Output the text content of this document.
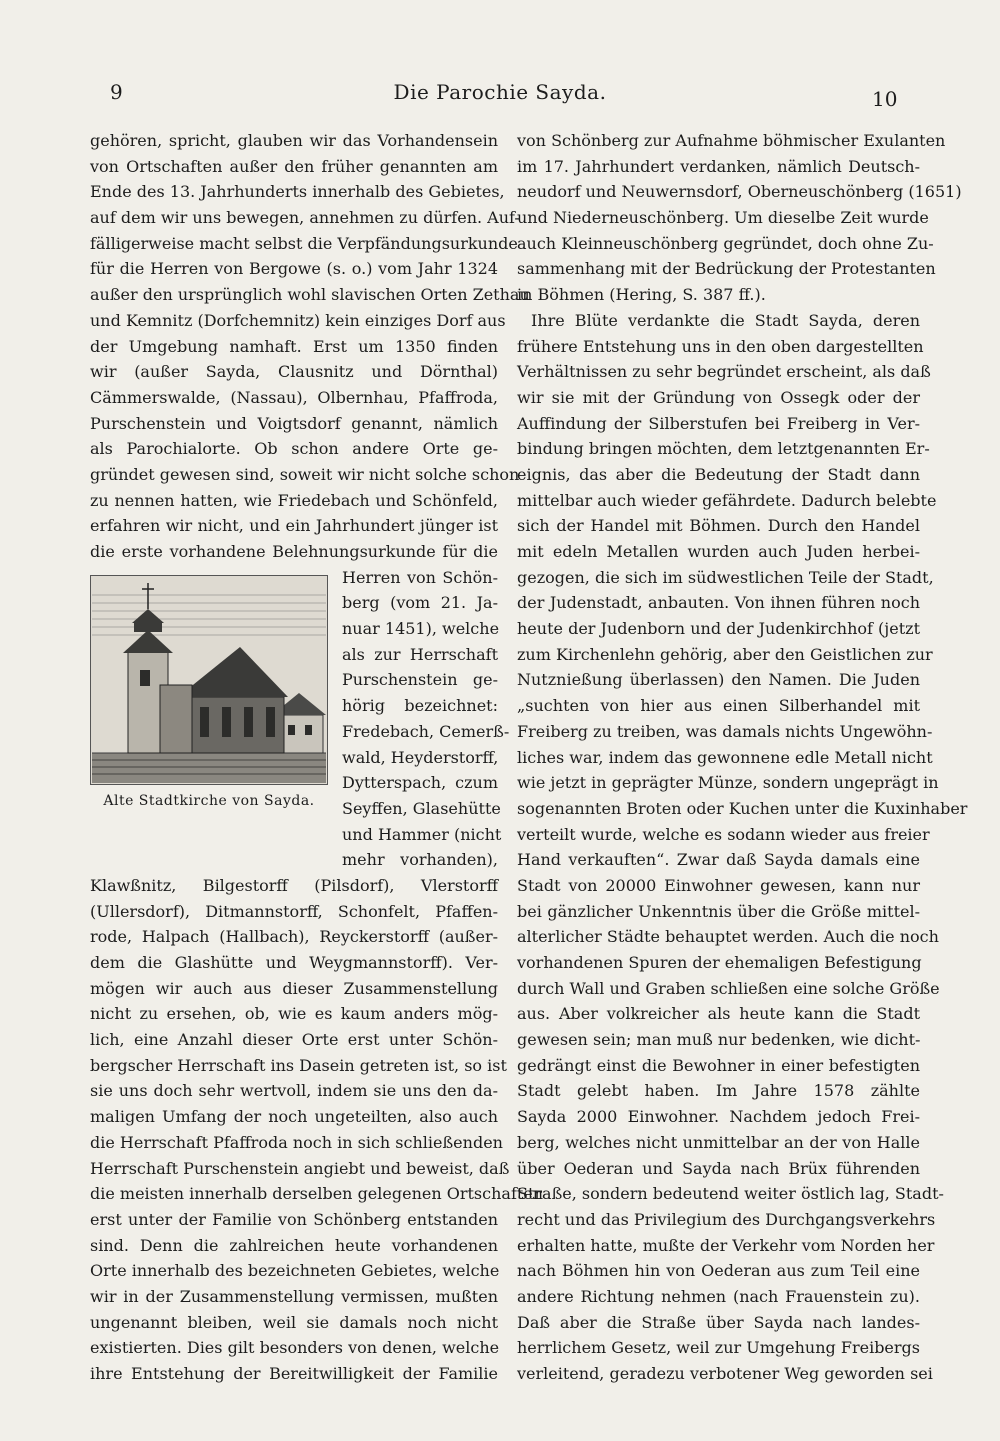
9	Die Parochie Sayda.	10
gehören, spricht, glauben wir das Vorhandensein
von Ortschaften außer den früher genannten am
Ende des 13. Jahrhunderts innerhalb des Gebietes,
auf dem wir uns bewegen, annehmen zu dürfen. Auf-
fälligerweise macht selbst die Verpfändungsurkunde
für die Herren von Bergowe (s. o.) vom Jahr 1324
außer den ursprünglich wohl slavischen Orten Zethau
und Kemnitz (Dorfchemnitz) kein einziges Dorf aus
der Umgebung namhaft. Erst um 1350 finden
wir (außer Sayda, Clausnitz und Dörnthal)
Cämmerswalde, (Nassau), Olbernhau, Pfaffroda,
Purschenstein und Voigtsdorf genannt, nämlich
als Parochialorte. Ob schon andere Orte ge-
gründet gewesen sind, soweit wir nicht solche schon
zu nennen hatten, wie Friedebach und Schönfeld,
erfahren wir nicht, und ein Jahrhundert jünger ist
die erste vorhandene Belehnungsurkunde für die
Herren von Schön-
berg (vom 21. Ja-
nuar 1451), welche
als zur Herrschaft
Purschenstein ge-
hörig bezeichnet:
Fredebach, Cemerß-
wald, Heyderstorff,
Dytterspach, czum
Seyffen, Glasehütte
und Hammer (nicht
mehr vorhanden),
Klawßnitz, Bilgestorff (Pilsdorf), Vlerstorff
(Ullersdorf), Ditmannstorff, Schonfelt, Pfaffen-
rode, Halpach (Hallbach), Reyckerstorff (außer-
dem die Glashütte und Weygmannstorff). Ver-
mögen wir auch aus dieser Zusammenstellung
nicht zu ersehen, ob, wie es kaum anders mög-
lich, eine Anzahl dieser Orte erst unter Schön-
bergscher Herrschaft ins Dasein getreten ist, so ist
sie uns doch sehr wertvoll, indem sie uns den da-
maligen Umfang der noch ungeteilten, also auch
die Herrschaft Pfaffroda noch in sich schließenden
Herrschaft Purschenstein angiebt und beweist, daß
die meisten innerhalb derselben gelegenen Ortschaften
erst unter der Familie von Schönberg entstanden
sind. Denn die zahlreichen heute vorhandenen
Orte innerhalb des bezeichneten Gebietes, welche
wir in der Zusammenstellung vermissen, mußten
ungenannt bleiben, weil sie damals noch nicht
existierten. Dies gilt besonders von denen, welche
ihre Entstehung der Bereitwilligkeit der Familie
Alte Stadtkirche von Sayda.
von Schönberg zur Aufnahme böhmischer Exulanten
im 17. Jahrhundert verdanken, nämlich Deutsch-
neudorf und Neuwernsdorf, Oberneuschönberg (1651)
und Niederneuschönberg. Um dieselbe Zeit wurde
auch Kleinneuschönberg gegründet, doch ohne Zu-
sammenhang mit der Bedrückung der Protestanten
in Böhmen (Hering, S. 387 ff.).
Ihre Blüte verdankte die Stadt Sayda, deren
frühere Entstehung uns in den oben dargestellten
Verhältnissen zu sehr begründet erscheint, als daß
wir sie mit der Gründung von Ossegk oder der
Auffindung der Silberstufen bei Freiberg in Ver-
bindung bringen möchten, dem letztgenannten Er-
eignis, das aber die Bedeutung der Stadt dann
mittelbar auch wieder gefährdete. Dadurch belebte
sich der Handel mit Böhmen. Durch den Handel
mit edeln Metallen wurden auch Juden herbei-
gezogen, die sich im südwestlichen Teile der Stadt,
der Judenstadt, anbauten. Von ihnen führen noch
heute der Judenborn und der Judenkirchhof (jetzt
zum Kirchenlehn gehörig, aber den Geistlichen zur
Nutznießung überlassen) den Namen. Die Juden
„suchten von hier aus einen Silberhandel mit
Freiberg zu treiben, was damals nichts Ungewöhn-
liches war, indem das gewonnene edle Metall nicht
wie jetzt in geprägter Münze, sondern ungeprägt in
sogenannten Broten oder Kuchen unter die Kuxinhaber
verteilt wurde, welche es sodann wieder aus freier
Hand verkauften“. Zwar daß Sayda damals eine
Stadt von 20000 Einwohner gewesen, kann nur
bei gänzlicher Unkenntnis über die Größe mittel-
alterlicher Städte behauptet werden. Auch die noch
vorhandenen Spuren der ehemaligen Befestigung
durch Wall und Graben schließen eine solche Größe
aus. Aber volkreicher als heute kann die Stadt
gewesen sein; man muß nur bedenken, wie dicht-
gedrängt einst die Bewohner in einer befestigten
Stadt gelebt haben. Im Jahre 1578 zählte
Sayda 2000 Einwohner. Nachdem jedoch Frei-
berg, welches nicht unmittelbar an der von Halle
über Oederan und Sayda nach Brüx führenden
Straße, sondern bedeutend weiter östlich lag, Stadt-
recht und das Privilegium des Durchgangsverkehrs
erhalten hatte, mußte der Verkehr vom Norden her
nach Böhmen hin von Oederan aus zum Teil eine
andere Richtung nehmen (nach Frauenstein zu).
Daß aber die Straße über Sayda nach landes-
herrlichem Gesetz, weil zur Umgehung Freibergs
verleitend, geradezu verbotener Weg geworden sei
